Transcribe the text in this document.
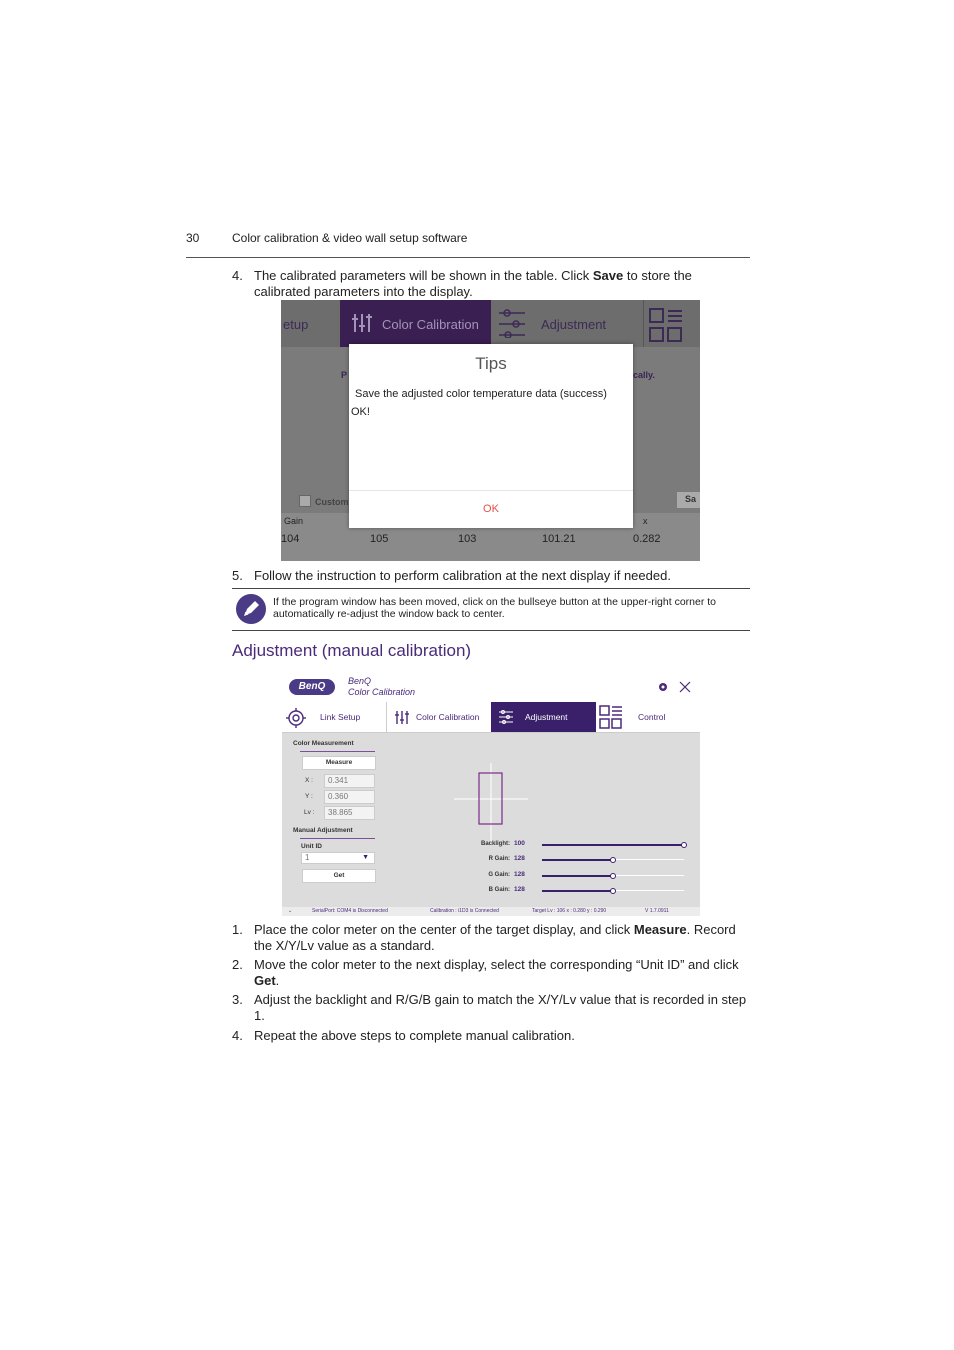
30	Color calibration & video wall setup software
4. The calibrated parameters will be shown in the table. Click Save to store the calibrated parameters into the display.
etup	Color Calibration	Adjustment
P	cally.
Custom	Sa
Gain	x
104	105	103	101.21	0.282
Tips
Save the adjusted color temperature data (success)
OK!
OK
5. Follow the instruction to perform calibration at the next display if needed.
If the program window has been moved, click on the bullseye button at the upper-right corner to automatically re-adjust the window back to center.
Adjustment (manual calibration)
BenQ	BenQ
Color Calibration
Link Setup	Color Calibration	Adjustment	Control
Color Measurement
Measure
X :	0.341
Y :	0.360
Lv :	38.865
Manual Adjustment
Unit ID
1	▼
Get
Backlight: 100
R Gain: 128
G Gain: 128
B Gain: 128
⌄	SerialPort: COM4 is Disconnected	Calibration : i1D3 is Connected	Target Lv : 106 x : 0.280 y : 0.290	V 1.7.0911
1. Place the color meter on the center of the target display, and click Measure. Record the X/Y/Lv value as a standard.
2. Move the color meter to the next display, select the corresponding “Unit ID” and click Get.
3. Adjust the backlight and R/G/B gain to match the X/Y/Lv value that is recorded in step 1.
4. Repeat the above steps to complete manual calibration.
